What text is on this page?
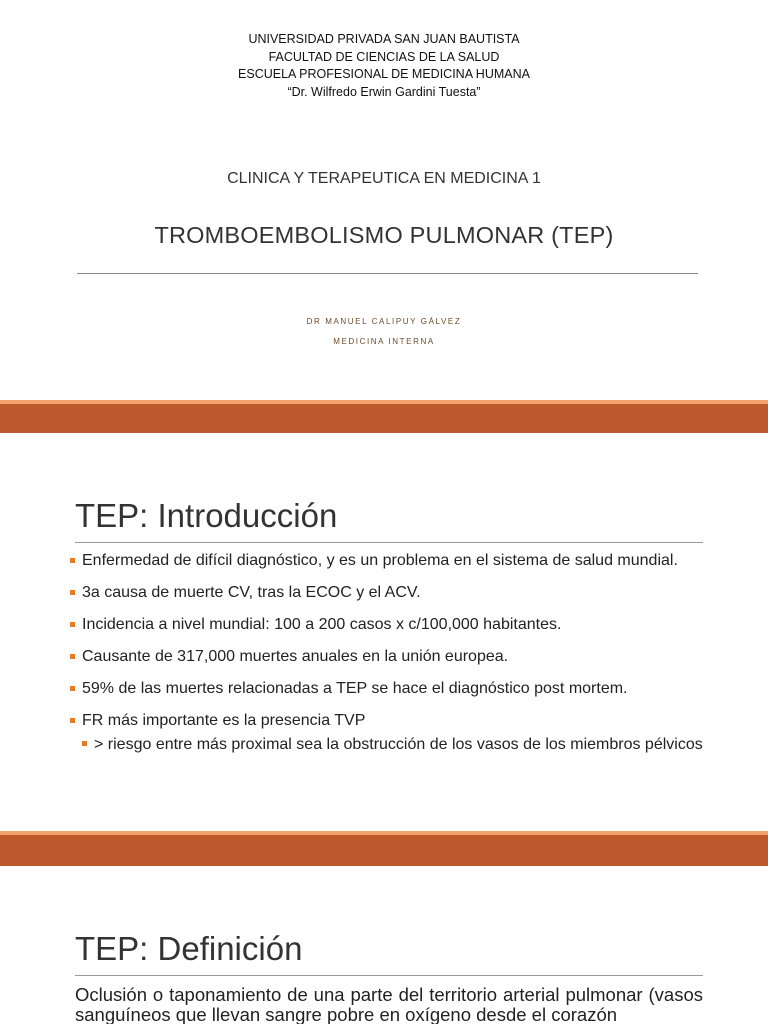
UNIVERSIDAD PRIVADA SAN JUAN BAUTISTA
FACULTAD DE CIENCIAS DE LA SALUD
ESCUELA PROFESIONAL DE MEDICINA HUMANA
“Dr. Wilfredo Erwin Gardini Tuesta”
CLINICA Y TERAPEUTICA EN MEDICINA 1
TROMBOEMBOLISMO PULMONAR (TEP)
DR MANUEL CALIPUY GÁLVEZ
MEDICINA INTERNA
TEP: Introducción
Enfermedad de difícil diagnóstico, y es un problema en el sistema de salud mundial.
3a causa de muerte CV, tras la ECOC y el ACV.
Incidencia a nivel mundial: 100 a 200 casos x c/100,000 habitantes.
Causante de 317,000 muertes anuales en la unión europea.
59% de las muertes relacionadas a TEP se hace el diagnóstico post mortem.
FR más importante es la presencia TVP
> riesgo entre más proximal sea la obstrucción de los vasos de los miembros pélvicos
TEP: Definición
Oclusión o taponamiento de una parte del territorio arterial pulmonar (vasos sanguíneos que llevan sangre pobre en oxígeno desde el corazón
